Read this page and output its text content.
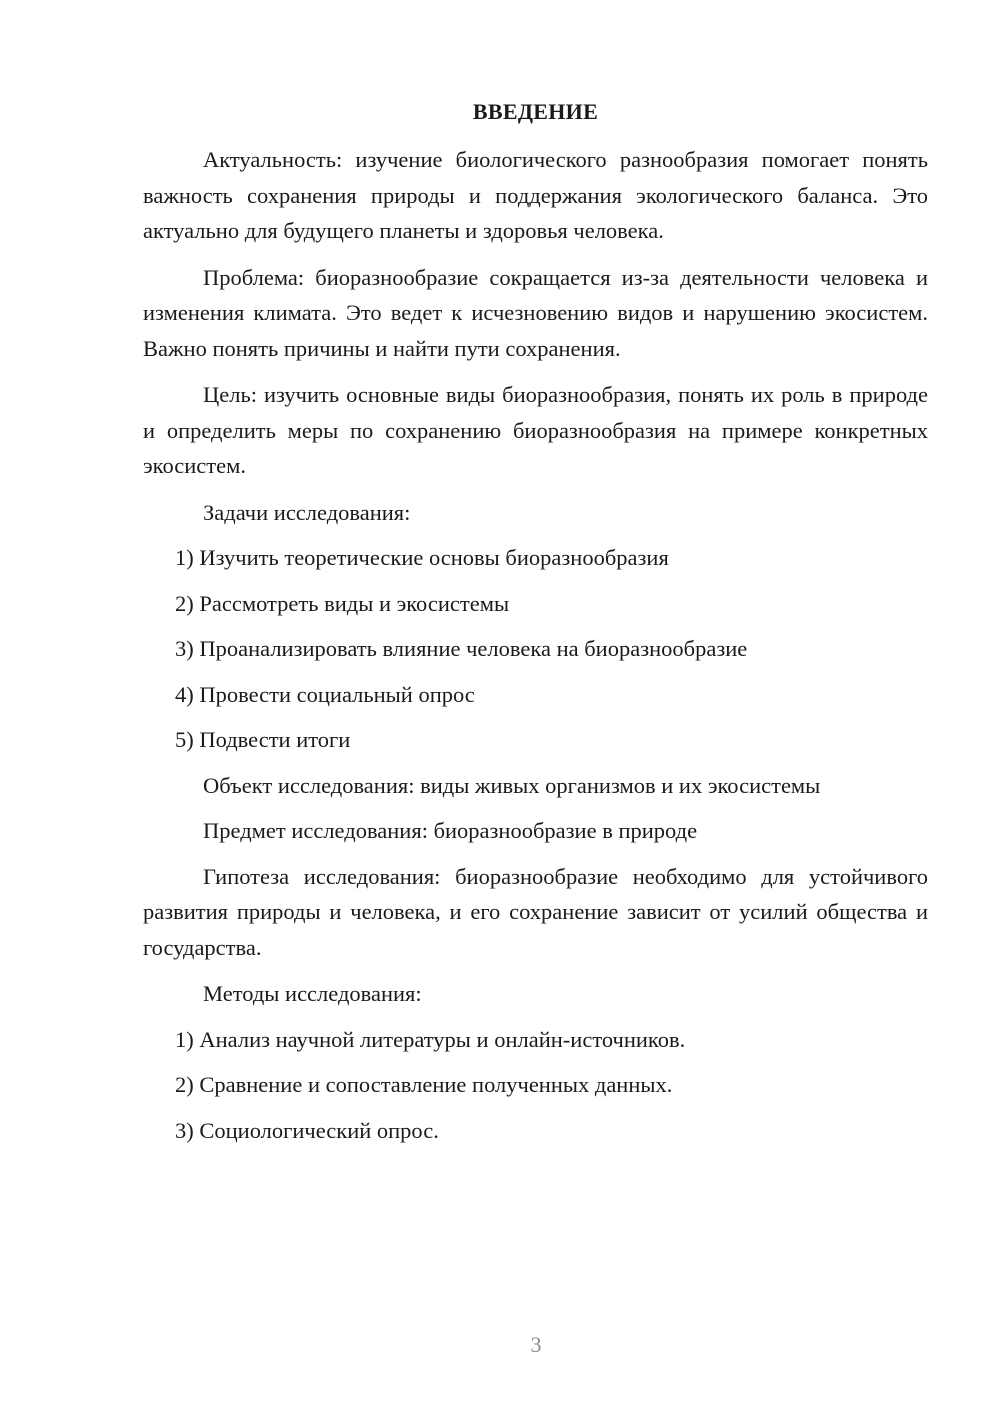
ВВЕДЕНИЕ

Актуальность: изучение биологического разнообразия помогает понять важность сохранения природы и поддержания экологического баланса. Это актуально для будущего планеты и здоровья человека.

Проблема: биоразнообразие сокращается из-за деятельности человека и изменения климата. Это ведет к исчезновению видов и нарушению экосистем. Важно понять причины и найти пути сохранения.

Цель: изучить основные виды биоразнообразия, понять их роль в природе и определить меры по сохранению биоразнообразия на примере конкретных экосистем.

Задачи исследования:

1) Изучить теоретические основы биоразнообразия
2) Рассмотреть виды и экосистемы
3) Проанализировать влияние человека на биоразнообразие
4) Провести социальный опрос
5) Подвести итоги

Объект исследования: виды живых организмов и их экосистемы

Предмет исследования: биоразнообразие в природе

Гипотеза исследования: биоразнообразие необходимо для устойчивого развития природы и человека, и его сохранение зависит от усилий общества и государства.

Методы исследования:

1) Анализ научной литературы и онлайн-источников.
2) Сравнение и сопоставление полученных данных.
3) Социологический опрос.
3
